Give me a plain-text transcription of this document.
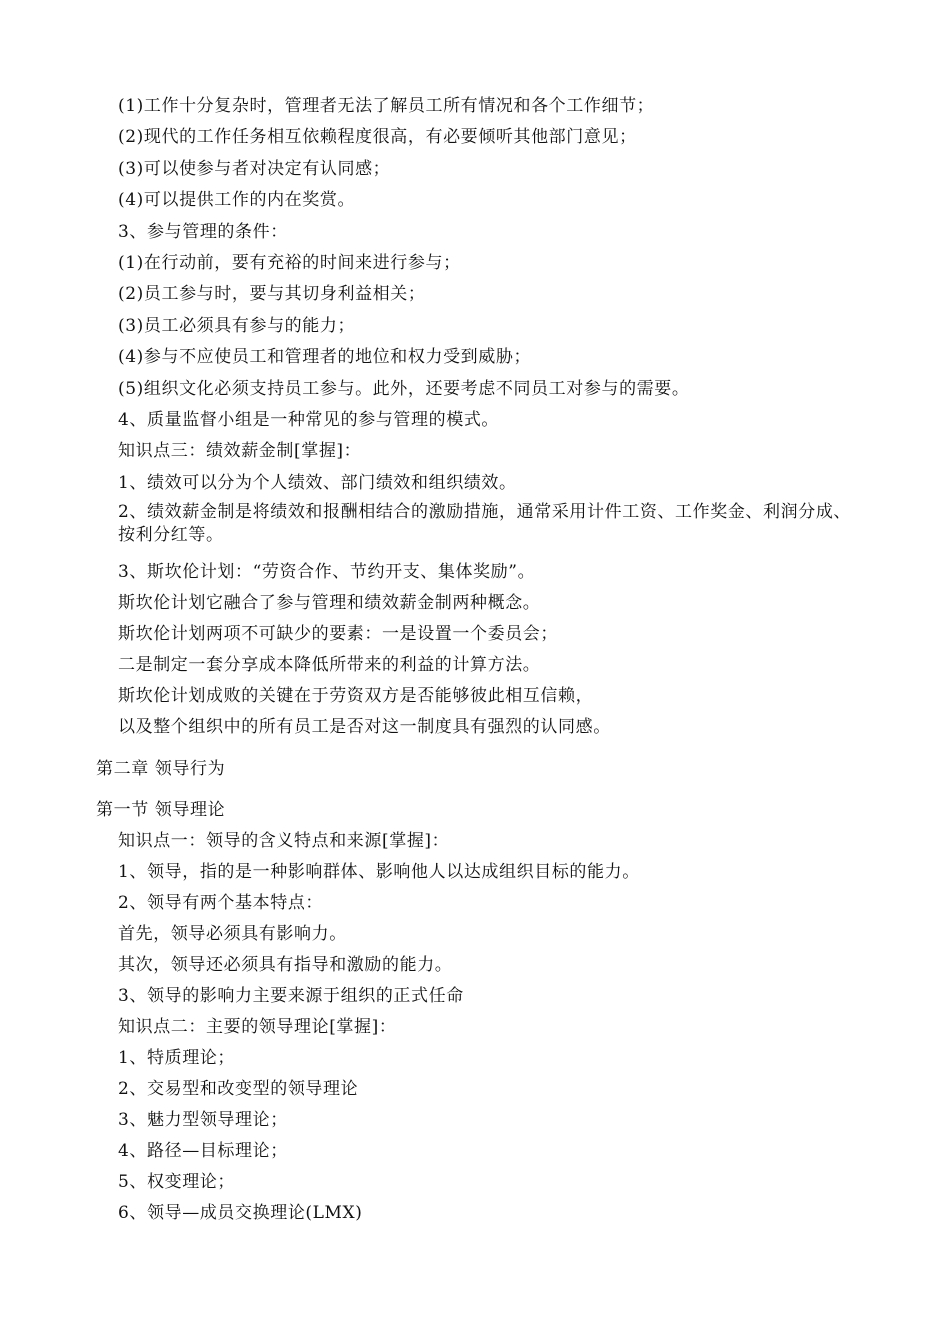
(1)工作十分复杂时，管理者无法了解员工所有情况和各个工作细节；
(2)现代的工作任务相互依赖程度很高，有必要倾听其他部门意见；
(3)可以使参与者对决定有认同感；
(4)可以提供工作的内在奖赏。
3、参与管理的条件：
(1)在行动前，要有充裕的时间来进行参与；
(2)员工参与时，要与其切身利益相关；
(3)员工必须具有参与的能力；
(4)参与不应使员工和管理者的地位和权力受到威胁；
(5)组织文化必须支持员工参与。此外，还要考虑不同员工对参与的需要。
4、质量监督小组是一种常见的参与管理的模式。
知识点三：绩效薪金制[掌握]：
1、绩效可以分为个人绩效、部门绩效和组织绩效。
2、绩效薪金制是将绩效和报酬相结合的激励措施，通常采用计件工资、工作奖金、利润分成、按利分红等。
3、斯坎伦计划：“劳资合作、节约开支、集体奖励”。
斯坎伦计划它融合了参与管理和绩效薪金制两种概念。
斯坎伦计划两项不可缺少的要素：一是设置一个委员会；
二是制定一套分享成本降低所带来的利益的计算方法。
斯坎伦计划成败的关键在于劳资双方是否能够彼此相互信赖，
以及整个组织中的所有员工是否对这一制度具有强烈的认同感。
第二章 领导行为
第一节 领导理论
知识点一：领导的含义特点和来源[掌握]：
1、领导，指的是一种影响群体、影响他人以达成组织目标的能力。
2、领导有两个基本特点：
首先，领导必须具有影响力。
其次，领导还必须具有指导和激励的能力。
3、领导的影响力主要来源于组织的正式任命
知识点二：主要的领导理论[掌握]：
1、特质理论；
2、交易型和改变型的领导理论
3、魅力型领导理论；
4、路径—目标理论；
5、权变理论；
6、领导—成员交换理论(LMX)
